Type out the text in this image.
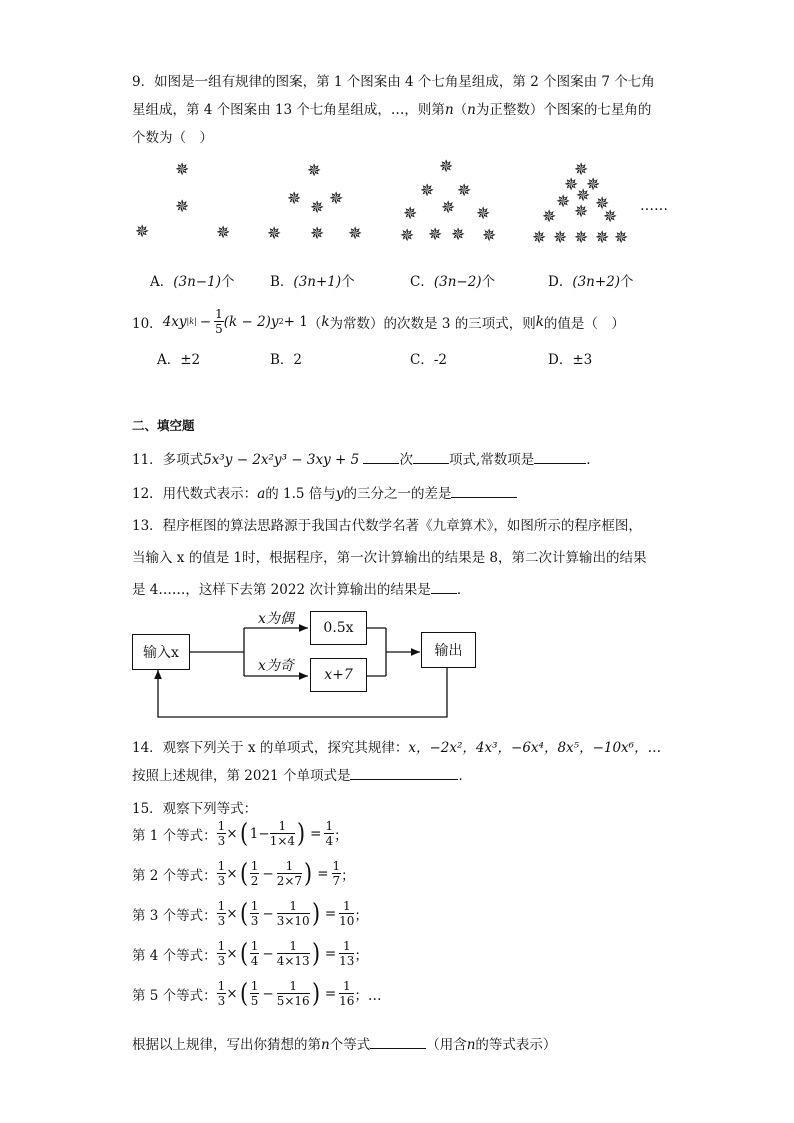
9．如图是一组有规律的图案，第 1 个图案由 4 个七角星组成，第 2 个图案由 7 个七角
星组成，第 4 个图案由 13 个七角星组成，…，则第n（n为正整数）个图案的七星角的
个数为（　）
✵
✵
✵	✵
✵
✵ ✵ ✵
✵ ✵ ✵
✵
✵ ✵
✵ ✵ ✵
✵ ✵ ✵ ✵
✵
✵ ✵
✵ ✵ ✵
✵ ✵ ✵
✵ ✵ ✵ ✵ ✵
……
A．(3n−1)个	B．(3n+1)个	C．(3n−2)个	D．(3n+2)个
10． 4xy $|k| - \frac{1}{5} (k - 2)y$ 2 + 1 （ k 为常数）的次数是 3 的三项式，则 k 的值是（　）
A．±2	B．2	C．-2	D．±3
二、填空题
11．多项式5x³y − 2x²y³ − 3xy + 5	次	项式,常数项是	.
12．用代数式表示：a的 1.5 倍与y的三分之一的差是
13．程序框图的算法思路源于我国古代数学名著《九章算术》，如图所示的程序框图，
当输入 x 的值是 1时，根据程序，第一次计算输出的结果是 8，第二次计算输出的结果
是 4……，这样下去第 2022 次计算输出的结果是 ．
输入x
x为偶
0.5x
x为奇
x+7
输出
14．观察下列关于 x 的单项式，探究其规律：x，−2x²，4x³，−6x⁴，8x⁵，−10x⁶，…
按照上述规律，第 2021 个单项式是	．
15．观察下列等式：
第 1 个等式： $\frac{1}{3}$ × ( $1- \frac{1}{1\times 4}$ ) = $\frac{1}{4}$ ；
第 2 个等式： $\frac{1}{3}$ × ( $\frac{1}{2} - \frac{1}{2\times 7}$ ) = $\frac{1}{7}$ ；
第 3 个等式： $\frac{1}{3}$ × ( $\frac{1}{3} - \frac{1}{3\times 10}$ ) = $\frac{1}{10}$ ；
第 4 个等式： $\frac{1}{3}$ × ( $\frac{1}{4} - \frac{1}{4\times 13}$ ) = $\frac{1}{13}$ ；
第 5 个等式： $\frac{1}{3}$ × ( $\frac{1}{5} - \frac{1}{5\times 16}$ ) = $\frac{1}{16}$ ；…
根据以上规律，写出你猜想的第n个等式	（用含n的等式表示）
